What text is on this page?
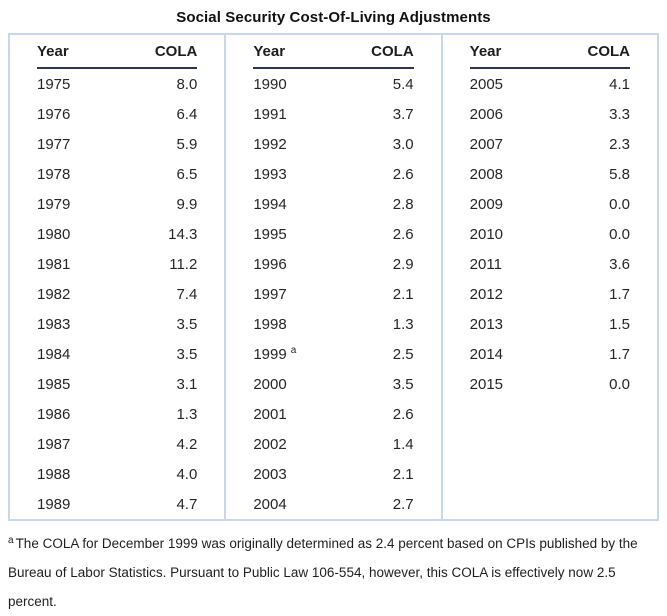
Social Security Cost-Of-Living Adjustments
Year	COLA
1975	8.0
1976	6.4
1977	5.9
1978	6.5
1979	9.9
1980	14.3
1981	11.2
1982	7.4
1983	3.5
1984	3.5
1985	3.1
1986	1.3
1987	4.2
1988	4.0
1989	4.7
Year	COLA
1990	5.4
1991	3.7
1992	3.0
1993	2.6
1994	2.8
1995	2.6
1996	2.9
1997	2.1
1998	1.3
1999 $^a$	2.5
2000	3.5
2001	2.6
2002	1.4
2003	2.1
2004	2.7
Year	COLA
2005	4.1
2006	3.3
2007	2.3
2008	5.8
2009	0.0
2010	0.0
2011	3.6
2012	1.7
2013	1.5
2014	1.7
2015	0.0
$^a$ The COLA for December 1999 was originally determined as 2.4 percent based on CPIs published by the Bureau of Labor Statistics. Pursuant to Public Law 106-554, however, this COLA is effectively now 2.5 percent.
